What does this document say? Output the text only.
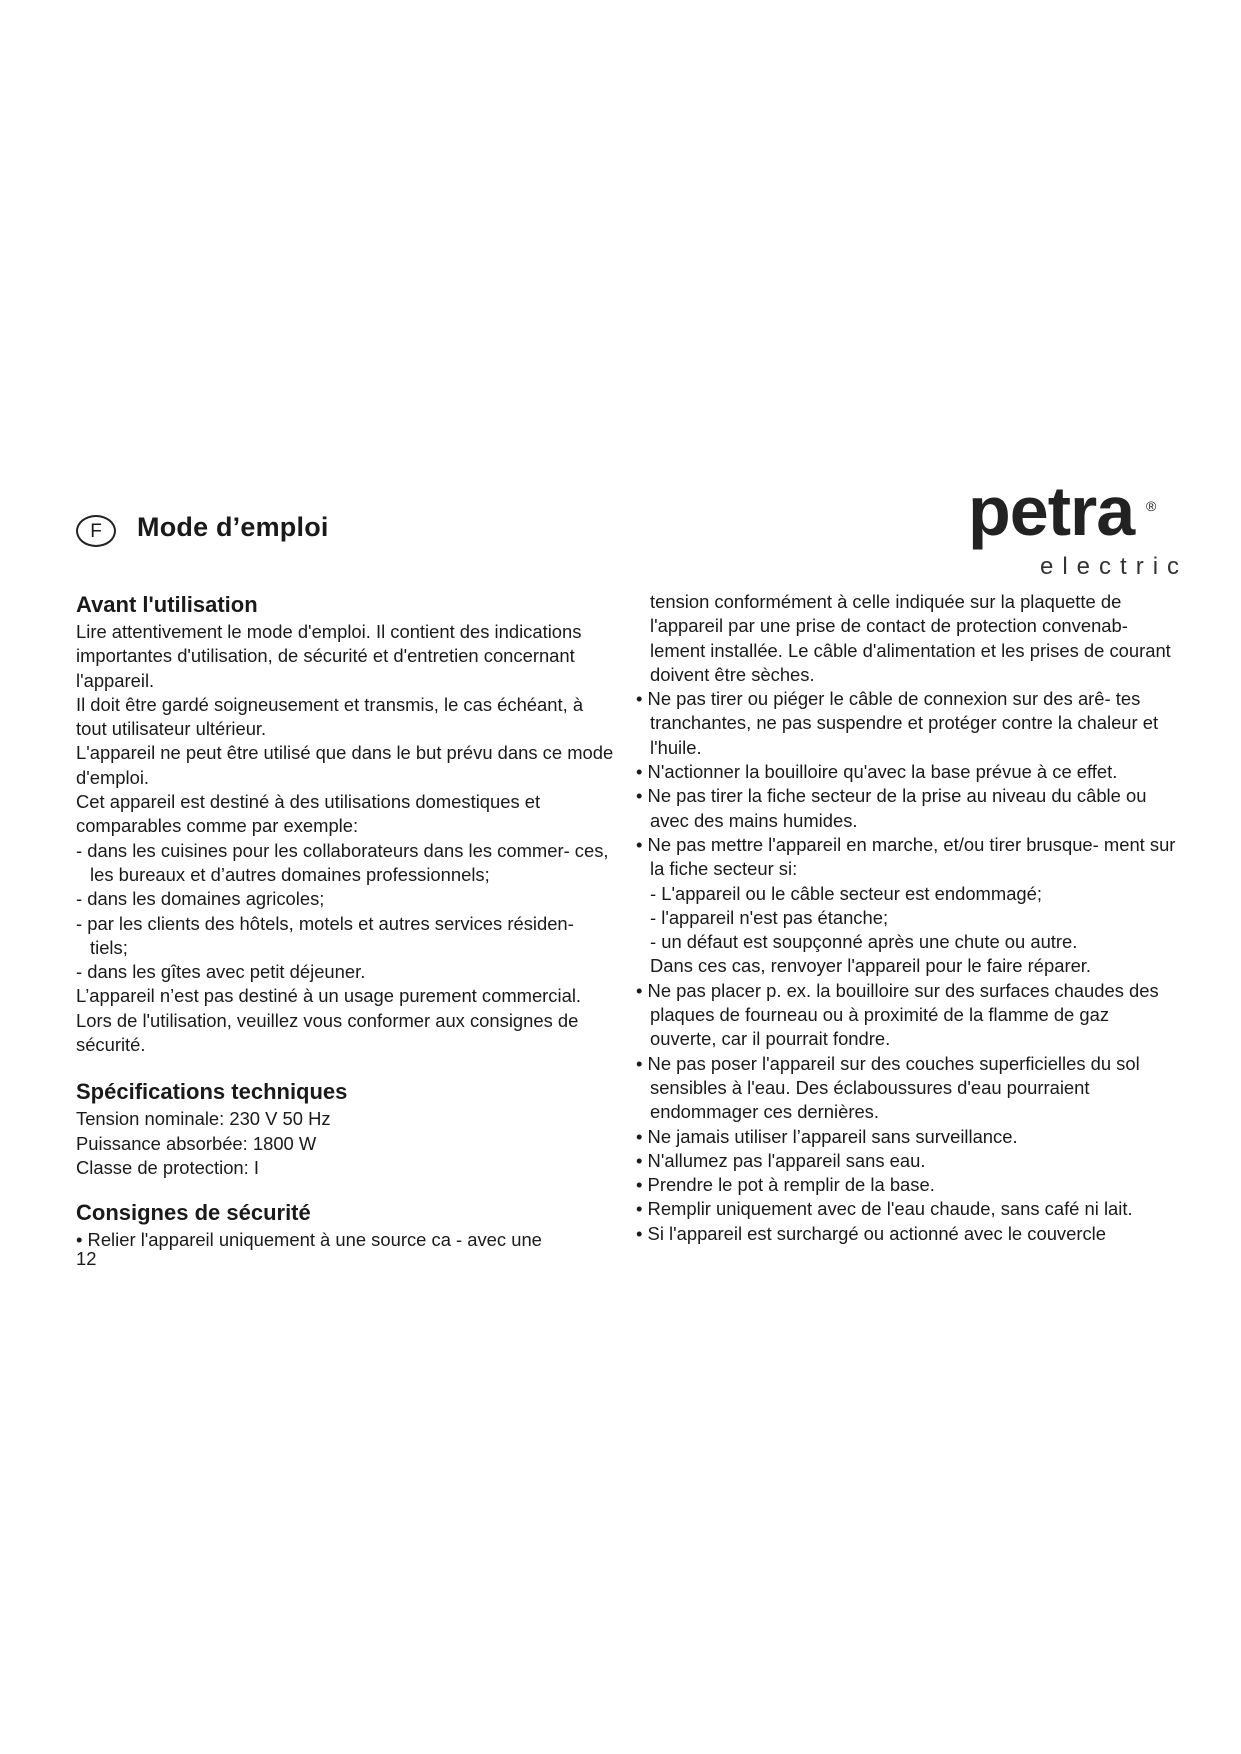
F	Mode d’emploi	petra ®
electric
Avant l'utilisation

Lire attentivement le mode d'emploi. Il contient des indications importantes d'utilisation, de sécurité et d'entretien concernant l'appareil.

Il doit être gardé soigneusement et transmis, le cas échéant, à tout utilisateur ultérieur.

L'appareil ne peut être utilisé que dans le but prévu dans ce mode d'emploi.

Cet appareil est destiné à des utilisations domestiques et comparables comme par exemple:

- dans les cuisines pour les collaborateurs dans les commer- ces, les bureaux et d’autres domaines professionnels;

- dans les domaines agricoles;

- par les clients des hôtels, motels et autres services résiden- tiels;

- dans les gîtes avec petit déjeuner.

L’appareil n’est pas destiné à un usage purement commercial.

Lors de l'utilisation, veuillez vous conformer aux consignes de sécurité.

Spécifications techniques

Tension nominale: 230 V 50 Hz

Puissance absorbée: 1800 W

Classe de protection: I

Consignes de sécurité

• Relier l'appareil uniquement à une source ca - avec une

12

tension conformément à celle indiquée sur la plaquette de l'appareil par une prise de contact de protection convenab- lement installée. Le câble d'alimentation et les prises de courant doivent être sèches.

• Ne pas tirer ou piéger le câble de connexion sur des arê- tes tranchantes, ne pas suspendre et protéger contre la chaleur et l'huile.

• N'actionner la bouilloire qu'avec la base prévue à ce effet.

• Ne pas tirer la fiche secteur de la prise au niveau du câble ou avec des mains humides.

• Ne pas mettre l'appareil en marche, et/ou tirer brusque- ment sur la fiche secteur si:

- L'appareil ou le câble secteur est endommagé;

- l'appareil n'est pas étanche;

- un défaut est soupçonné après une chute ou autre.

Dans ces cas, renvoyer l'appareil pour le faire réparer.

• Ne pas placer p. ex. la bouilloire sur des surfaces chaudes des plaques de fourneau ou à proximité de la flamme de gaz ouverte, car il pourrait fondre.

• Ne pas poser l'appareil sur des couches superficielles du sol sensibles à l'eau. Des éclaboussures d'eau pourraient endommager ces dernières.

• Ne jamais utiliser l’appareil sans surveillance.

• N'allumez pas l'appareil sans eau.

• Prendre le pot à remplir de la base.

• Remplir uniquement avec de l'eau chaude, sans café ni lait.

• Si l'appareil est surchargé ou actionné avec le couvercle
